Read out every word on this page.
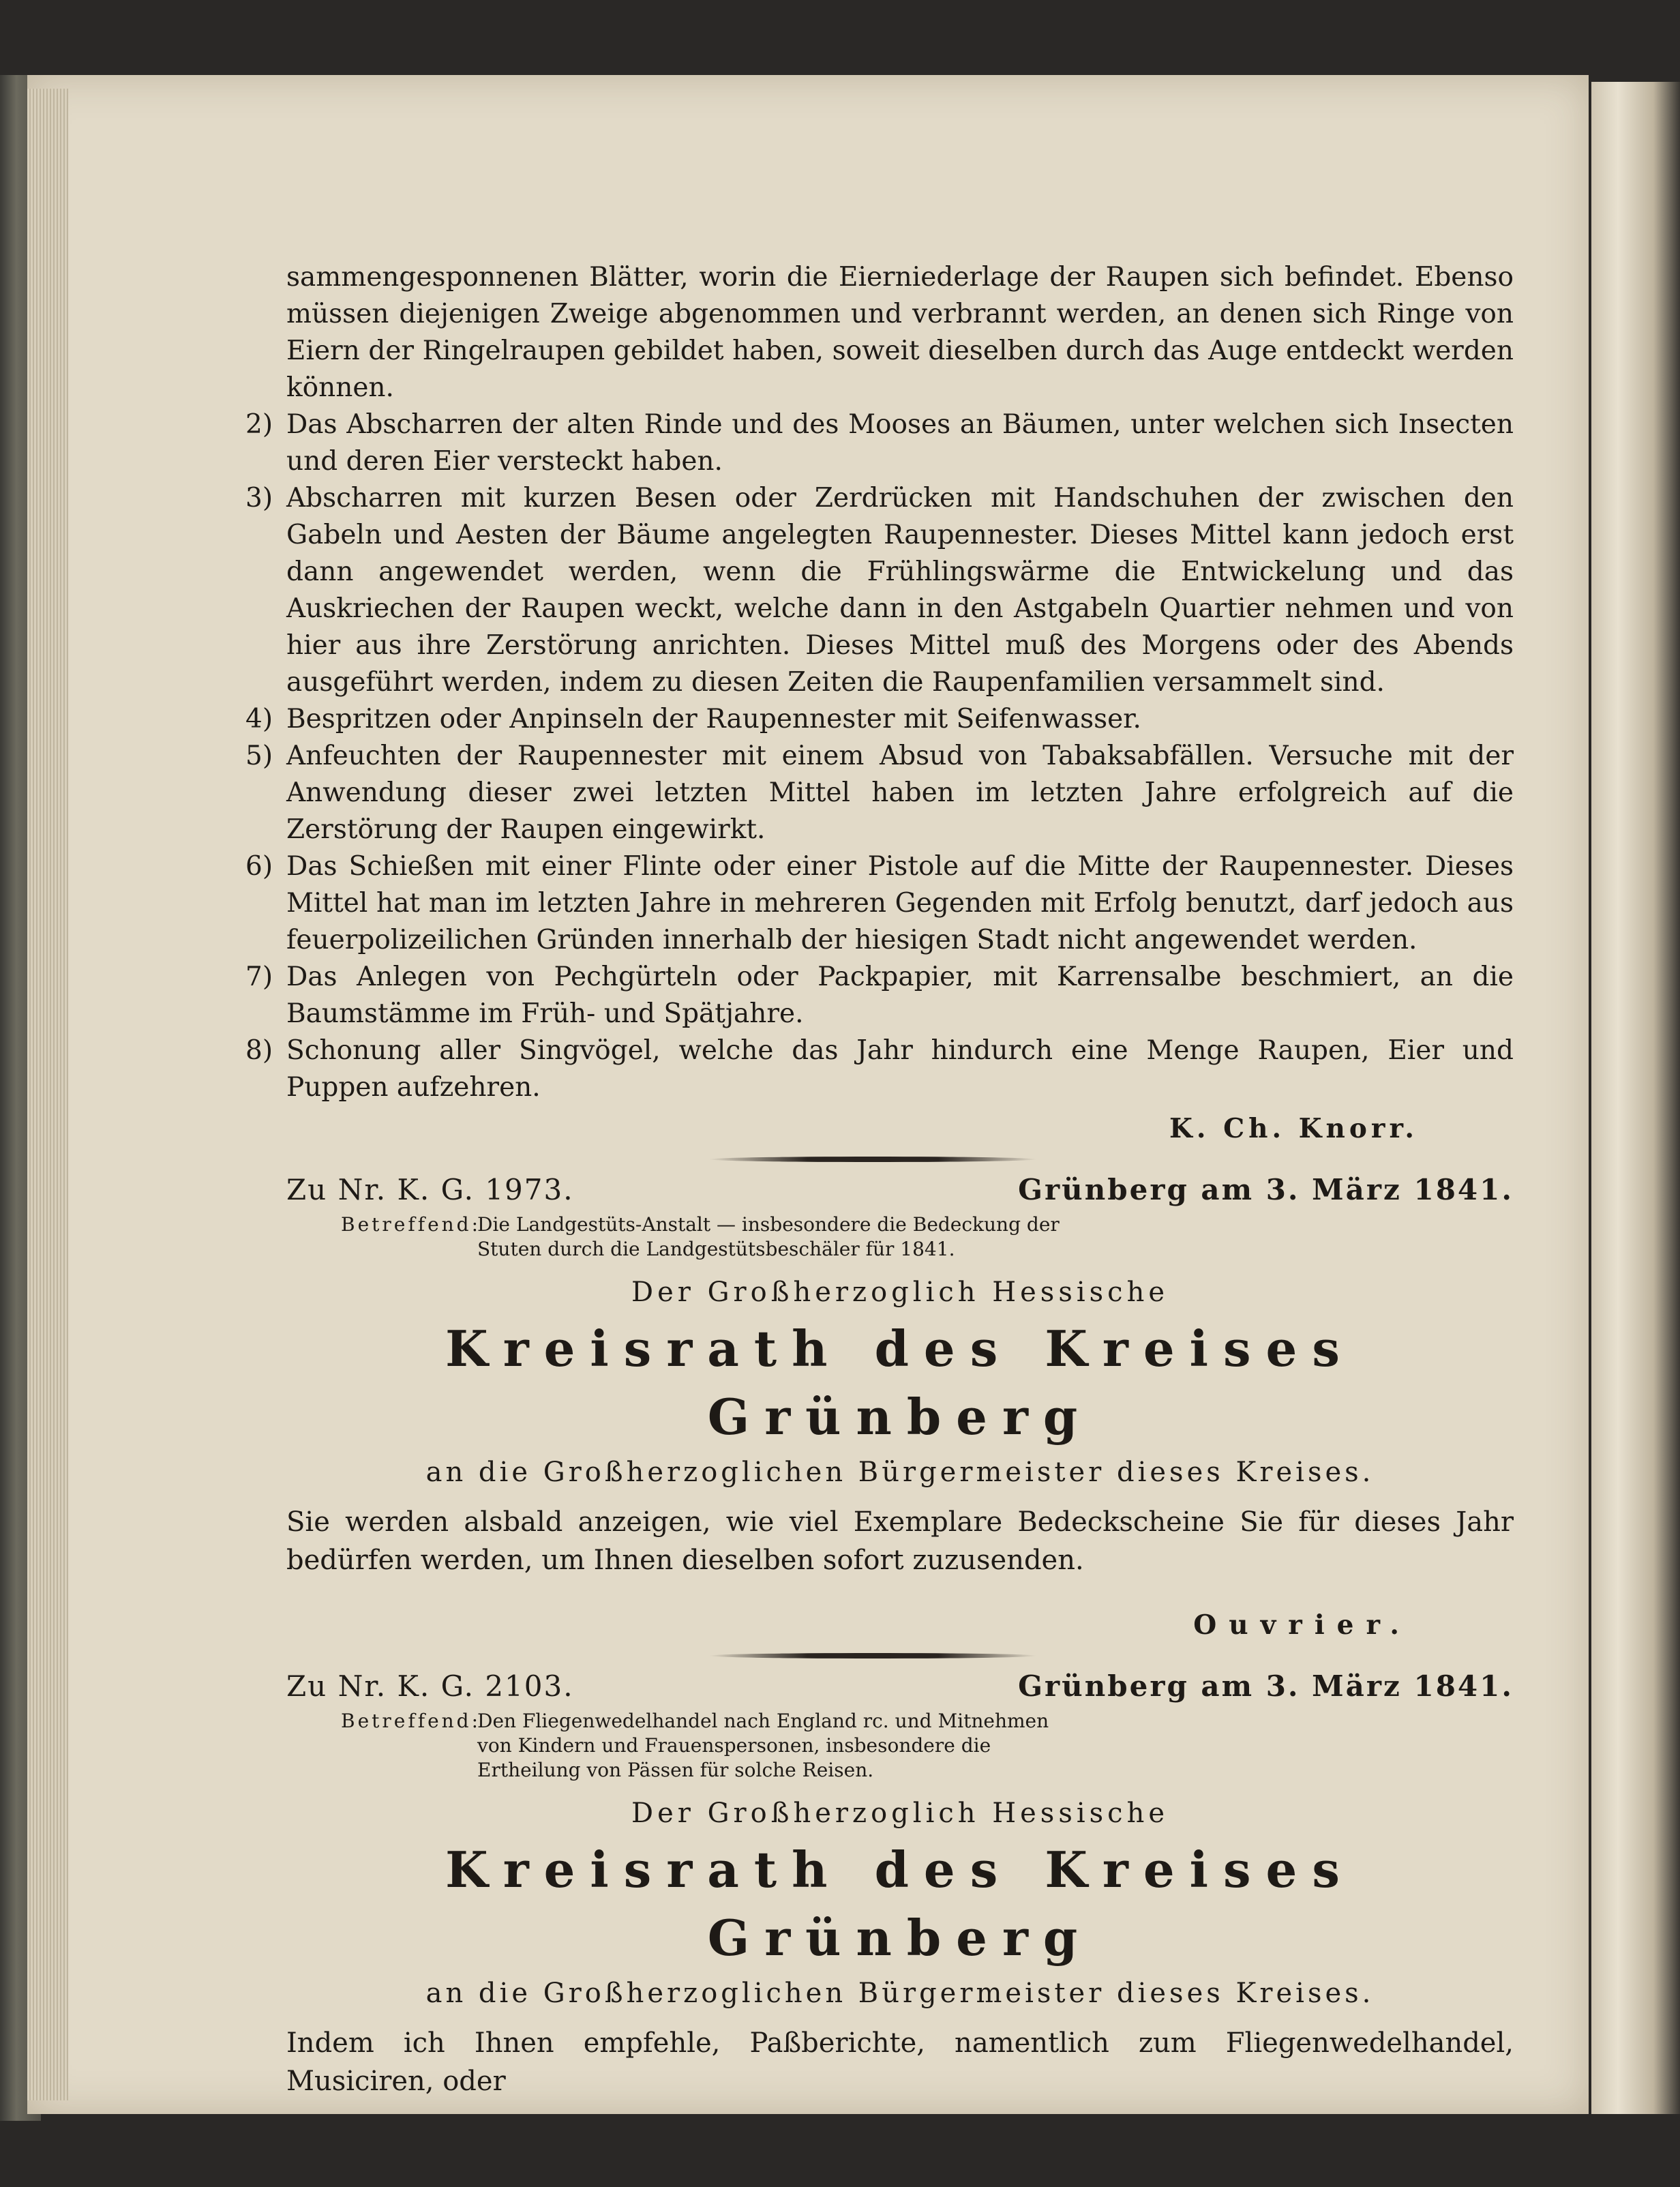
sammengesponnenen Blätter, worin die Eierniederlage der Raupen sich befindet. Ebenso müssen diejenigen Zweige abgenommen und verbrannt werden, an denen sich Ringe von Eiern der Ringelraupen gebildet haben, soweit dieselben durch das Auge entdeckt werden können.

2) Das Abscharren der alten Rinde und des Mooses an Bäumen, unter welchen sich Insecten und deren Eier versteckt haben.
3) Abscharren mit kurzen Besen oder Zerdrücken mit Handschuhen der zwischen den Gabeln und Aesten der Bäume angelegten Raupennester. Dieses Mittel kann jedoch erst dann angewendet werden, wenn die Frühlingswärme die Entwickelung und das Auskriechen der Raupen weckt, welche dann in den Astgabeln Quartier nehmen und von hier aus ihre Zerstörung anrichten. Dieses Mittel muß des Morgens oder des Abends ausgeführt werden, indem zu diesen Zeiten die Raupenfamilien versammelt sind.
4) Bespritzen oder Anpinseln der Raupennester mit Seifenwasser.
5) Anfeuchten der Raupennester mit einem Absud von Tabaksabfällen. Versuche mit der Anwendung dieser zwei letzten Mittel haben im letzten Jahre erfolgreich auf die Zerstörung der Raupen eingewirkt.
6) Das Schießen mit einer Flinte oder einer Pistole auf die Mitte der Raupennester. Dieses Mittel hat man im letzten Jahre in mehreren Gegenden mit Erfolg benutzt, darf jedoch aus feuerpolizeilichen Gründen innerhalb der hiesigen Stadt nicht angewendet werden.
7) Das Anlegen von Pechgürteln oder Packpapier, mit Karrensalbe beschmiert, an die Baumstämme im Früh- und Spätjahre.
8) Schonung aller Singvögel, welche das Jahr hindurch eine Menge Raupen, Eier und Puppen aufzehren.
K. Ch. Knorr.
Zu Nr. K. G. 1973.	Grünberg am 3. März 1841.
Betreffend:
Die Landgestüts-Anstalt — insbesondere die Bedeckung der Stuten durch die Landgestütsbeschäler für 1841.
Der Großherzoglich Hessische
Kreisrath des Kreises Grünberg
an die Großherzoglichen Bürgermeister dieses Kreises.

Sie werden alsbald anzeigen, wie viel Exemplare Bedeckscheine Sie für dieses Jahr bedürfen werden, um Ihnen dieselben sofort zuzusenden.

Ouvrier.
Zu Nr. K. G. 2103.	Grünberg am 3. März 1841.
Betreffend:
Den Fliegenwedelhandel nach England rc. und Mitnehmen von Kindern und Frauenspersonen, insbesondere die Ertheilung von Pässen für solche Reisen.
Der Großherzoglich Hessische
Kreisrath des Kreises Grünberg
an die Großherzoglichen Bürgermeister dieses Kreises.

Indem ich Ihnen empfehle, Paßberichte, namentlich zum Fliegenwedelhandel, Musiciren, oder
